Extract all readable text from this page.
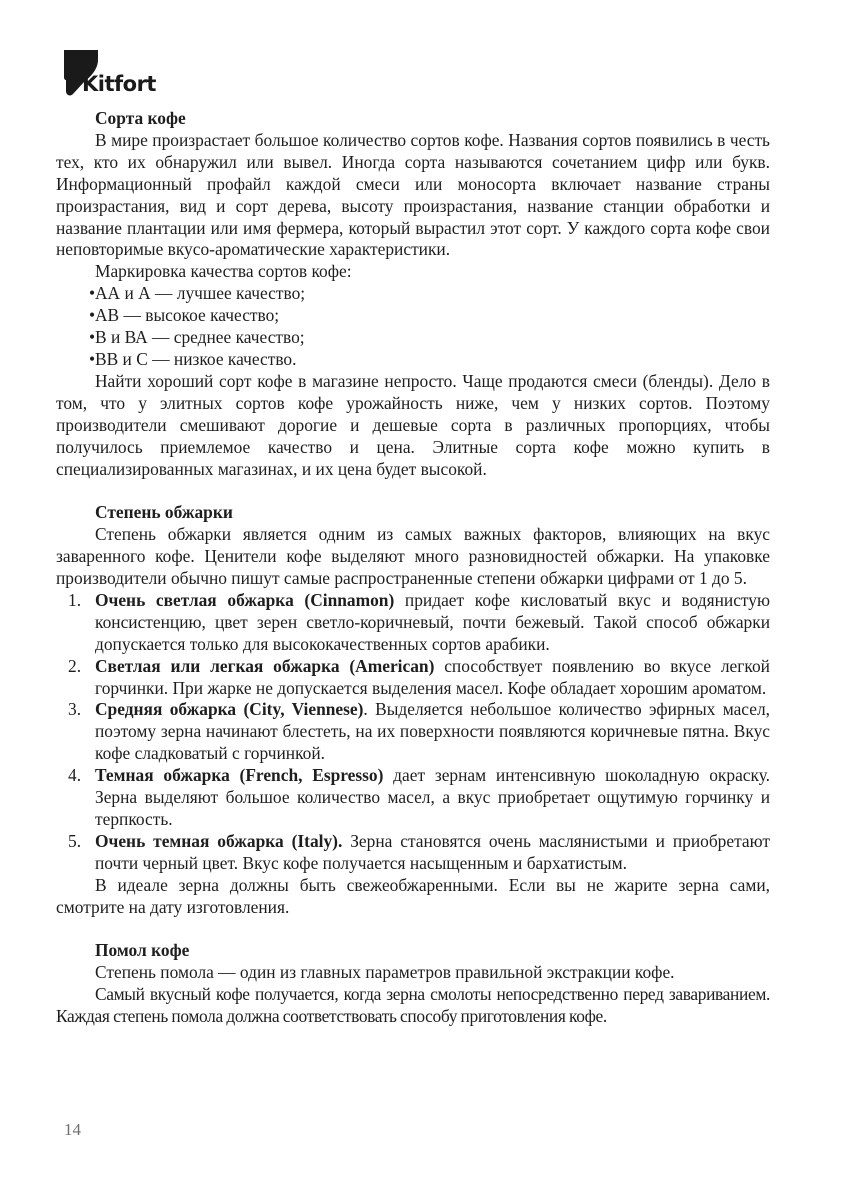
Kitfort
Сорта кофе

В мире произрастает большое количество сортов кофе. Названия сортов появились в честь тех, кто их обнаружил или вывел. Иногда сорта называются сочетанием цифр или букв. Информационный профайл каждой смеси или моносорта включает название страны произрастания, вид и сорт дерева, высоту произрастания, название станции обработки и название плантации или имя фермера, который вырастил этот сорт. У каждого сорта кофе свои неповторимые вкусо-ароматические характеристики.

Маркировка качества сортов кофе:

• АА и А — лучшее качество;
• АВ — высокое качество;
• В и ВА — среднее качество;
• ВВ и С — низкое качество.

Найти хороший сорт кофе в магазине непросто. Чаще продаются смеси (бленды). Дело в том, что у элитных сортов кофе урожайность ниже, чем у низких сортов. Поэтому производители смешивают дорогие и дешевые сорта в различных пропорциях, чтобы получилось приемлемое качество и цена. Элитные сорта кофе можно купить в специализированных магазинах, и их цена будет высокой.

Степень обжарки

Степень обжарки является одним из самых важных факторов, влияющих на вкус заваренного кофе. Ценители кофе выделяют много разновидностей обжарки. На упаковке производители обычно пишут самые распространенные степени обжарки цифрами от 1 до 5.

1. Очень светлая обжарка (Cinnamon) придает кофе кисловатый вкус и водянистую консистенцию, цвет зерен светло-коричневый, почти бежевый. Такой способ обжарки допускается только для высококачественных сортов арабики.
2. Светлая или легкая обжарка (American) способствует появлению во вкусе легкой горчинки. При жарке не допускается выделения масел. Кофе обладает хорошим ароматом.
3. Средняя обжарка (City, Viennese). Выделяется небольшое количество эфирных масел, поэтому зерна начинают блестеть, на их поверхности появляются коричневые пятна. Вкус кофе сладковатый с горчинкой.
4. Темная обжарка (French, Espresso) дает зернам интенсивную шоколадную окраску. Зерна выделяют большое количество масел, а вкус приобретает ощутимую горчинку и терпкость.
5. Очень темная обжарка (Italy). Зерна становятся очень маслянистыми и приобретают почти черный цвет. Вкус кофе получается насыщенным и бархатистым.

В идеале зерна должны быть свежеобжаренными. Если вы не жарите зерна сами, смотрите на дату изготовления.

Помол кофе

Степень помола — один из главных параметров правильной экстракции кофе.

Самый вкусный кофе получается, когда зерна смолоты непосредственно перед завариванием. Каждая степень помола должна соответствовать способу приготовления кофе.

14
